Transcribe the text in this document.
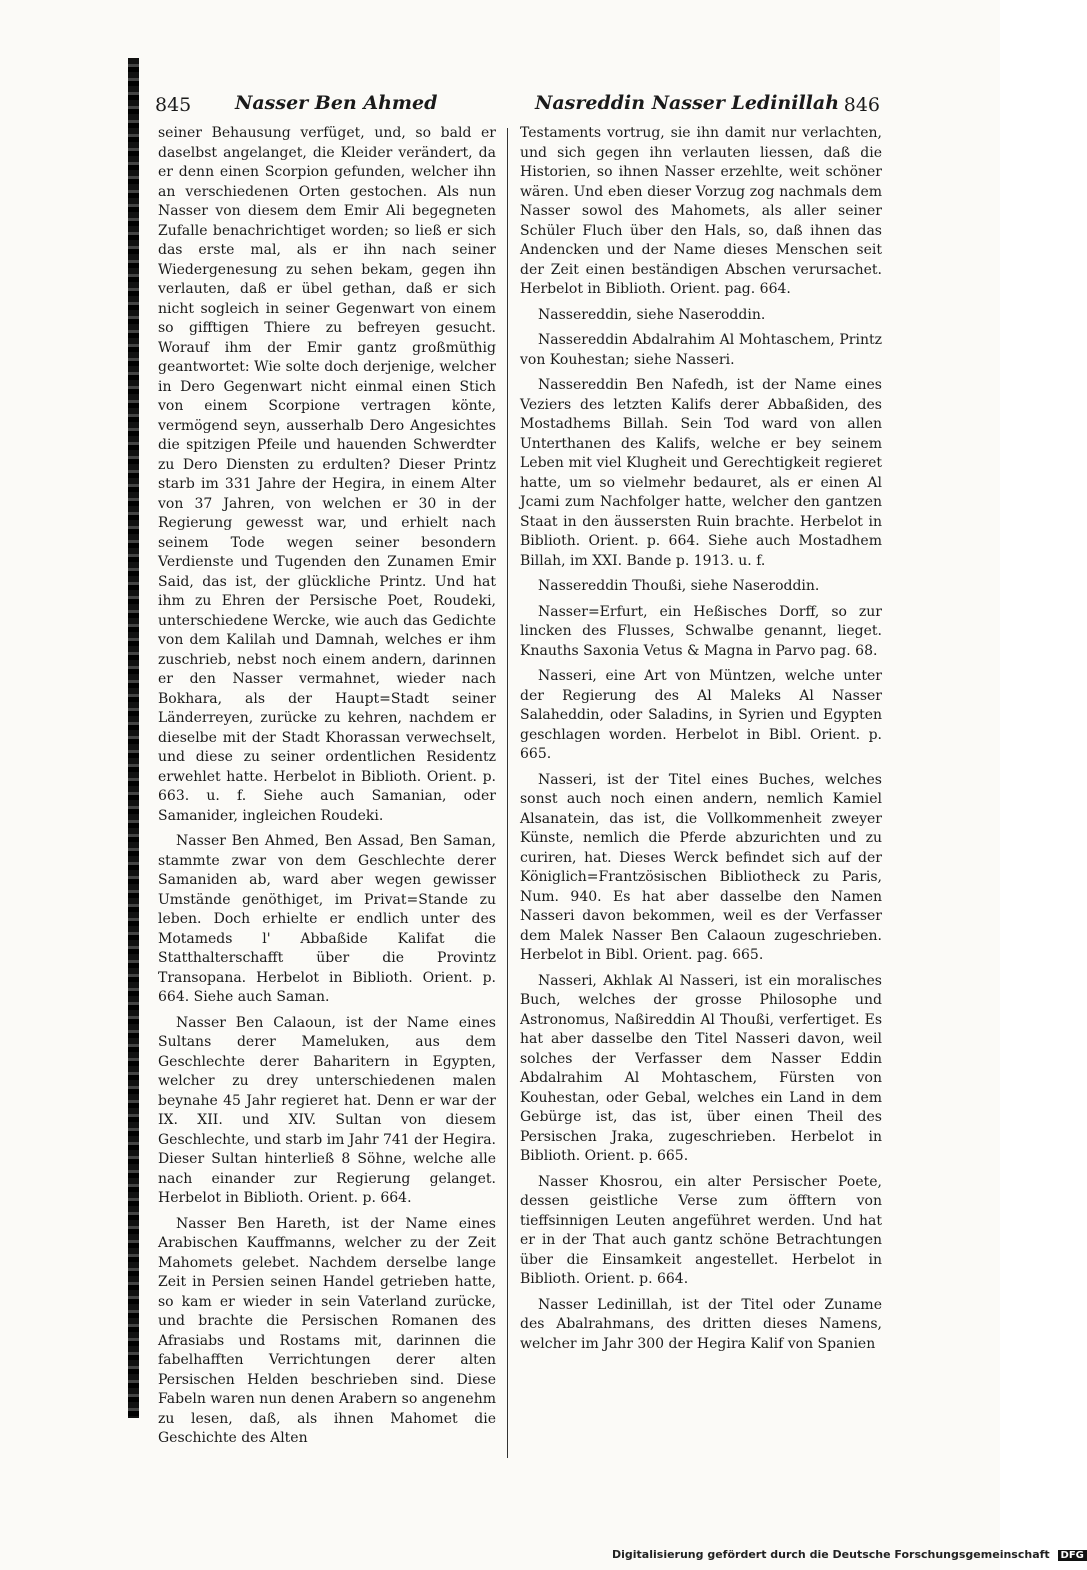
845 Nasser Ben Ahmed	Nasreddin Nasser Ledinillah 846

seiner Behausung verfüget, und, so bald er daselbst angelanget, die Kleider verändert, da er denn einen Scorpion gefunden, welcher ihn an verschiedenen Orten gestochen. Als nun Nasser von diesem dem Emir Ali begegneten Zufalle benachrichtiget worden; so ließ er sich das erste mal, als er ihn nach seiner Wiedergenesung zu sehen bekam, gegen ihn verlauten, daß er übel gethan, daß er sich nicht sogleich in seiner Gegenwart von einem so gifftigen Thiere zu befreyen gesucht. Worauf ihm der Emir gantz großmüthig geantwortet: Wie solte doch derjenige, welcher in Dero Gegenwart nicht einmal einen Stich von einem Scorpione vertragen könte, vermögend seyn, ausserhalb Dero Angesichtes die spitzigen Pfeile und hauenden Schwerdter zu Dero Diensten zu erdulten? Dieser Printz starb im 331 Jahre der Hegira, in einem Alter von 37 Jahren, von welchen er 30 in der Regierung gewesst war, und erhielt nach seinem Tode wegen seiner besondern Verdienste und Tugenden den Zunamen Emir Said, das ist, der glückliche Printz. Und hat ihm zu Ehren der Persische Poet, Roudeki, unterschiedene Wercke, wie auch das Gedichte von dem Kalilah und Damnah, welches er ihm zuschrieb, nebst noch einem andern, darinnen er den Nasser vermahnet, wieder nach Bokhara, als der Haupt=Stadt seiner Länderreyen, zurücke zu kehren, nachdem er dieselbe mit der Stadt Khorassan verwechselt, und diese zu seiner ordentlichen Residentz erwehlet hatte. Herbelot in Biblioth. Orient. p. 663. u. f. Siehe auch Samanian, oder Samanider, ingleichen Roudeki.

Nasser Ben Ahmed, Ben Assad, Ben Saman, stammte zwar von dem Geschlechte derer Samaniden ab, ward aber wegen gewisser Umstände genöthiget, im Privat=Stande zu leben. Doch erhielte er endlich unter des Motameds l' Abbaßide Kalifat die Statthalterschafft über die Provintz Transopana. Herbelot in Biblioth. Orient. p. 664. Siehe auch Saman.

Nasser Ben Calaoun, ist der Name eines Sultans derer Mameluken, aus dem Geschlechte derer Baharitern in Egypten, welcher zu drey unterschiedenen malen beynahe 45 Jahr regieret hat. Denn er war der IX. XII. und XIV. Sultan von diesem Geschlechte, und starb im Jahr 741 der Hegira. Dieser Sultan hinterließ 8 Söhne, welche alle nach einander zur Regierung gelanget. Herbelot in Biblioth. Orient. p. 664.

Nasser Ben Hareth, ist der Name eines Arabischen Kauffmanns, welcher zu der Zeit Mahomets gelebet. Nachdem derselbe lange Zeit in Persien seinen Handel getrieben hatte, so kam er wieder in sein Vaterland zurücke, und brachte die Persischen Romanen des Afrasiabs und Rostams mit, darinnen die fabelhafften Verrichtungen derer alten Persischen Helden beschrieben sind. Diese Fabeln waren nun denen Arabern so angenehm zu lesen, daß, als ihnen Mahomet die Geschichte des Alten

Testaments vortrug, sie ihn damit nur verlachten, und sich gegen ihn verlauten liessen, daß die Historien, so ihnen Nasser erzehlte, weit schöner wären. Und eben dieser Vorzug zog nachmals dem Nasser sowol des Mahomets, als aller seiner Schüler Fluch über den Hals, so, daß ihnen das Andencken und der Name dieses Menschen seit der Zeit einen beständigen Abschen verursachet. Herbelot in Biblioth. Orient. pag. 664.

Nassereddin, siehe Naseroddin.

Nassereddin Abdalrahim Al Mohtaschem, Printz von Kouhestan; siehe Nasseri.

Nassereddin Ben Nafedh, ist der Name eines Veziers des letzten Kalifs derer Abbaßiden, des Mostadhems Billah. Sein Tod ward von allen Unterthanen des Kalifs, welche er bey seinem Leben mit viel Klugheit und Gerechtigkeit regieret hatte, um so vielmehr bedauret, als er einen Al Jcami zum Nachfolger hatte, welcher den gantzen Staat in den äussersten Ruin brachte. Herbelot in Biblioth. Orient. p. 664. Siehe auch Mostadhem Billah, im XXI. Bande p. 1913. u. f.

Nassereddin Thoußi, siehe Naseroddin.

Nasser=Erfurt, ein Heßisches Dorff, so zur lincken des Flusses, Schwalbe genannt, lieget. Knauths Saxonia Vetus & Magna in Parvo pag. 68.

Nasseri, eine Art von Müntzen, welche unter der Regierung des Al Maleks Al Nasser Salaheddin, oder Saladins, in Syrien und Egypten geschlagen worden. Herbelot in Bibl. Orient. p. 665.

Nasseri, ist der Titel eines Buches, welches sonst auch noch einen andern, nemlich Kamiel Alsanatein, das ist, die Vollkommenheit zweyer Künste, nemlich die Pferde abzurichten und zu curiren, hat. Dieses Werck befindet sich auf der Königlich=Frantzösischen Bibliotheck zu Paris, Num. 940. Es hat aber dasselbe den Namen Nasseri davon bekommen, weil es der Verfasser dem Malek Nasser Ben Calaoun zugeschrieben. Herbelot in Bibl. Orient. pag. 665.

Nasseri, Akhlak Al Nasseri, ist ein moralisches Buch, welches der grosse Philosophe und Astronomus, Naßireddin Al Thoußi, verfertiget. Es hat aber dasselbe den Titel Nasseri davon, weil solches der Verfasser dem Nasser Eddin Abdalrahim Al Mohtaschem, Fürsten von Kouhestan, oder Gebal, welches ein Land in dem Gebürge ist, das ist, über einen Theil des Persischen Jraka, zugeschrieben. Herbelot in Biblioth. Orient. p. 665.

Nasser Khosrou, ein alter Persischer Poete, dessen geistliche Verse zum öfftern von tieffsinnigen Leuten angeführet werden. Und hat er in der That auch gantz schöne Betrachtungen über die Einsamkeit angestellet. Herbelot in Biblioth. Orient. p. 664.

Nasser Ledinillah, ist der Titel oder Zuname des Abalrahmans, des dritten dieses Namens, welcher im Jahr 300 der Hegira Kalif von Spanien

Digitalisierung gefördert durch die Deutsche Forschungsgemeinschaft DFG
